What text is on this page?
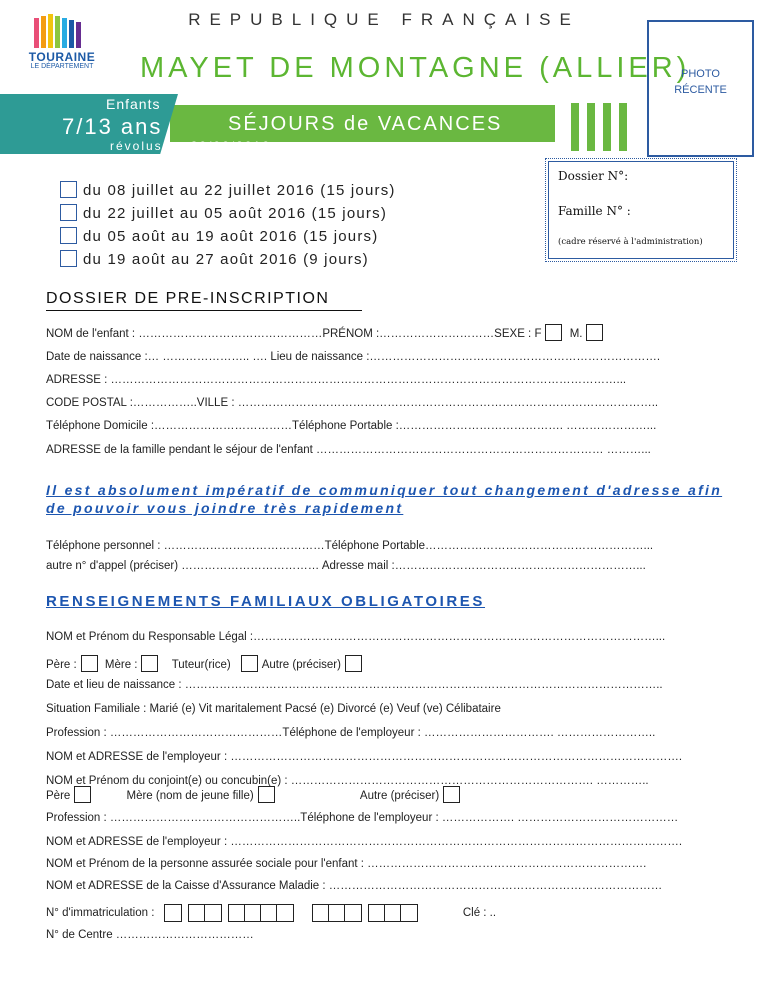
REPUBLIQUE FRANÇAISE
TOURAINE
LE DÉPARTEMENT MAYET DE MONTAGNE (ALLIER)
PHOTO
RÉCENTE
Enfants
7/13 ans	SÉJOURS de VACANCES
révolus au 30/06/2016
Dossier N°:
Famille N° :
(cadre réservé à l'administration)
du 08 juillet au 22 juillet 2016 (15 jours)
du 22 juillet au 05 août 2016 (15 jours)
du 05 août au 19 août 2016 (15 jours)
du 19 août au 27 août 2016 (9 jours)
DOSSIER DE PRE-INSCRIPTION
NOM de l'enfant : …………………………………………PRÉNOM :…………………………SEXE : F M.
Date de naissance :… ………………….. …. Lieu de naissance :………………………………………………………………….
ADRESSE : ……………………………………………………………………………………………………………………...
CODE POSTAL :……………..VILLE : ………………………………………………………………………………………………..
Téléphone Domicile :………………………………Téléphone Portable :……………………………………. …………………...
ADRESSE de la famille pendant le séjour de l'enfant ………………………………………………………………… ………...
Il est absolument impératif de communiquer tout changement d'adresse afin de pouvoir vous joindre très rapidement
Téléphone personnel : ……………………………………Téléphone Portable…………………………………………………...
autre n° d'appel (préciser) ……………………………… Adresse mail :………………………………………………………...
RENSEIGNEMENTS FAMILIAUX OBLIGATOIRES
NOM et Prénom du Responsable Légal :……………………………………………………………………………………………...
Père : Mère :	Tuteur(rice)	Autre (préciser)
Date et lieu de naissance : ……………………………………………………………………………………………………………..
Situation Familiale : Marié (e) Vit maritalement Pacsé (e) Divorcé (e) Veuf (ve) Célibataire
Profession : ………………………………………Téléphone de l'employeur : ……………………………. ……………………..
NOM et ADRESSE de l'employeur : ……………………………………………………………………………………………………….
NOM et Prénom du conjoint(e) ou concubin(e) : ……………………………………………………………………. …………..
Père	Mère (nom de jeune fille)	Autre (préciser)
Profession : …………………………………………..Téléphone de l'employeur : ………………. ……………………………………
NOM et ADRESSE de l'employeur : ……………………………………………………………………………………………………….
NOM et Prénom de la personne assurée sociale pour l'enfant : ……………………………………………………………….
NOM et ADRESSE de la Caisse d'Assurance Maladie : ……………………………………………………………………………
N° d'immatriculation :	Clé : ..
N° de Centre ………………………………
